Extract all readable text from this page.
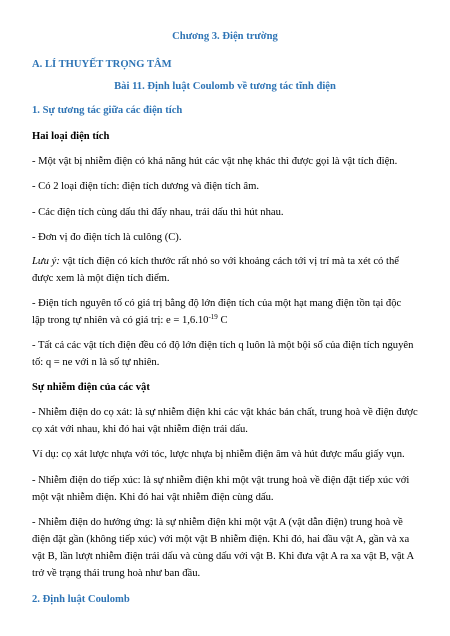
Chương 3. Điện trường
A. LÍ THUYẾT TRỌNG TÂM
Bài 11. Định luật Coulomb về tương tác tĩnh điện
1. Sự tương tác giữa các điện tích
Hai loại điện tích
- Một vật bị nhiễm điện có khả năng hút các vật nhẹ khác thì được gọi là vật tích điện.
- Có 2 loại điện tích: điện tích dương và điện tích âm.
- Các điện tích cùng dấu thì đẩy nhau, trái dấu thì hút nhau.
- Đơn vị đo điện tích là culông (C).
Lưu ý: vật tích điện có kích thước rất nhỏ so với khoảng cách tới vị trí mà ta xét có thể
được xem là một điện tích điểm.
- Điện tích nguyên tố có giá trị bằng độ lớn điện tích của một hạt mang điện tồn tại độc
lập trong tự nhiên và có giá trị: $e = 1,6.10^{-19}$ C
- Tất cả các vật tích điện đều có độ lớn điện tích q luôn là một bội số của điện tích nguyên
tố: q = ne với n là số tự nhiên.
Sự nhiễm điện của các vật
- Nhiễm điện do cọ xát: là sự nhiễm điện khi các vật khác bản chất, trung hoà về điện được
cọ xát với nhau, khi đó hai vật nhiễm điện trái dấu.
Ví dụ: cọ xát lược nhựa với tóc, lược nhựa bị nhiễm điện âm và hút được mẩu giấy vụn.
- Nhiễm điện do tiếp xúc: là sự nhiễm điện khi một vật trung hoà về điện đặt tiếp xúc với
một vật nhiễm điện. Khi đó hai vật nhiễm điện cùng dấu.
- Nhiễm điện do hưởng ứng: là sự nhiễm điện khi một vật A (vật dẫn điện) trung hoà về
điện đặt gần (không tiếp xúc) với một vật B nhiễm điện. Khi đó, hai đầu vật A, gần và xa
vật B, lần lượt nhiễm điện trái dấu và cùng dấu với vật B. Khi đưa vật A ra xa vật B, vật A
trở về trạng thái trung hoà như ban đầu.
2. Định luật Coulomb
